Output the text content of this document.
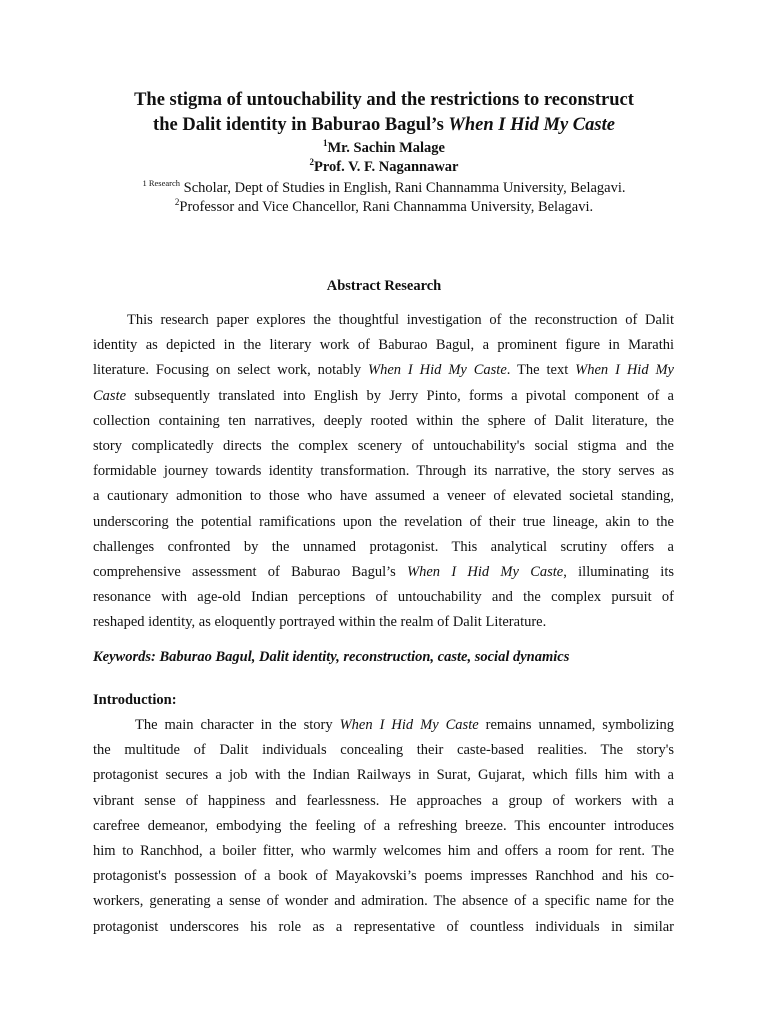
The stigma of untouchability and the restrictions to reconstruct
the Dalit identity in Baburao Bagul’s When I Hid My Caste
$^1$Mr. Sachin Malage
$^2$Prof. V. F. Nagannawar
$^{1 Research}$ Scholar, Dept of Studies in English, Rani Channamma University, Belagavi.
$^2$Professor and Vice Chancellor, Rani Channamma University, Belagavi.
Abstract Research
This research paper explores the thoughtful investigation of the reconstruction of Dalit
identity as depicted in the literary work of Baburao Bagul, a prominent figure in Marathi
literature. Focusing on select work, notably When I Hid My Caste. The text When I Hid My
Caste subsequently translated into English by Jerry Pinto, forms a pivotal component of a
collection containing ten narratives, deeply rooted within the sphere of Dalit literature, the
story complicatedly directs the complex scenery of untouchability's social stigma and the
formidable journey towards identity transformation. Through its narrative, the story serves as
a cautionary admonition to those who have assumed a veneer of elevated societal standing,
underscoring the potential ramifications upon the revelation of their true lineage, akin to the
challenges confronted by the unnamed protagonist. This analytical scrutiny offers a
comprehensive assessment of Baburao Bagul’s When I Hid My Caste, illuminating its
resonance with age-old Indian perceptions of untouchability and the complex pursuit of
reshaped identity, as eloquently portrayed within the realm of Dalit Literature.
Keywords: Baburao Bagul, Dalit identity, reconstruction, caste, social dynamics
Introduction:
The main character in the story When I Hid My Caste remains unnamed, symbolizing
the multitude of Dalit individuals concealing their caste-based realities. The story's
protagonist secures a job with the Indian Railways in Surat, Gujarat, which fills him with a
vibrant sense of happiness and fearlessness. He approaches a group of workers with a
carefree demeanor, embodying the feeling of a refreshing breeze. This encounter introduces
him to Ranchhod, a boiler fitter, who warmly welcomes him and offers a room for rent. The
protagonist's possession of a book of Mayakovski’s poems impresses Ranchhod and his co-
workers, generating a sense of wonder and admiration. The absence of a specific name for the
protagonist underscores his role as a representative of countless individuals in similar
